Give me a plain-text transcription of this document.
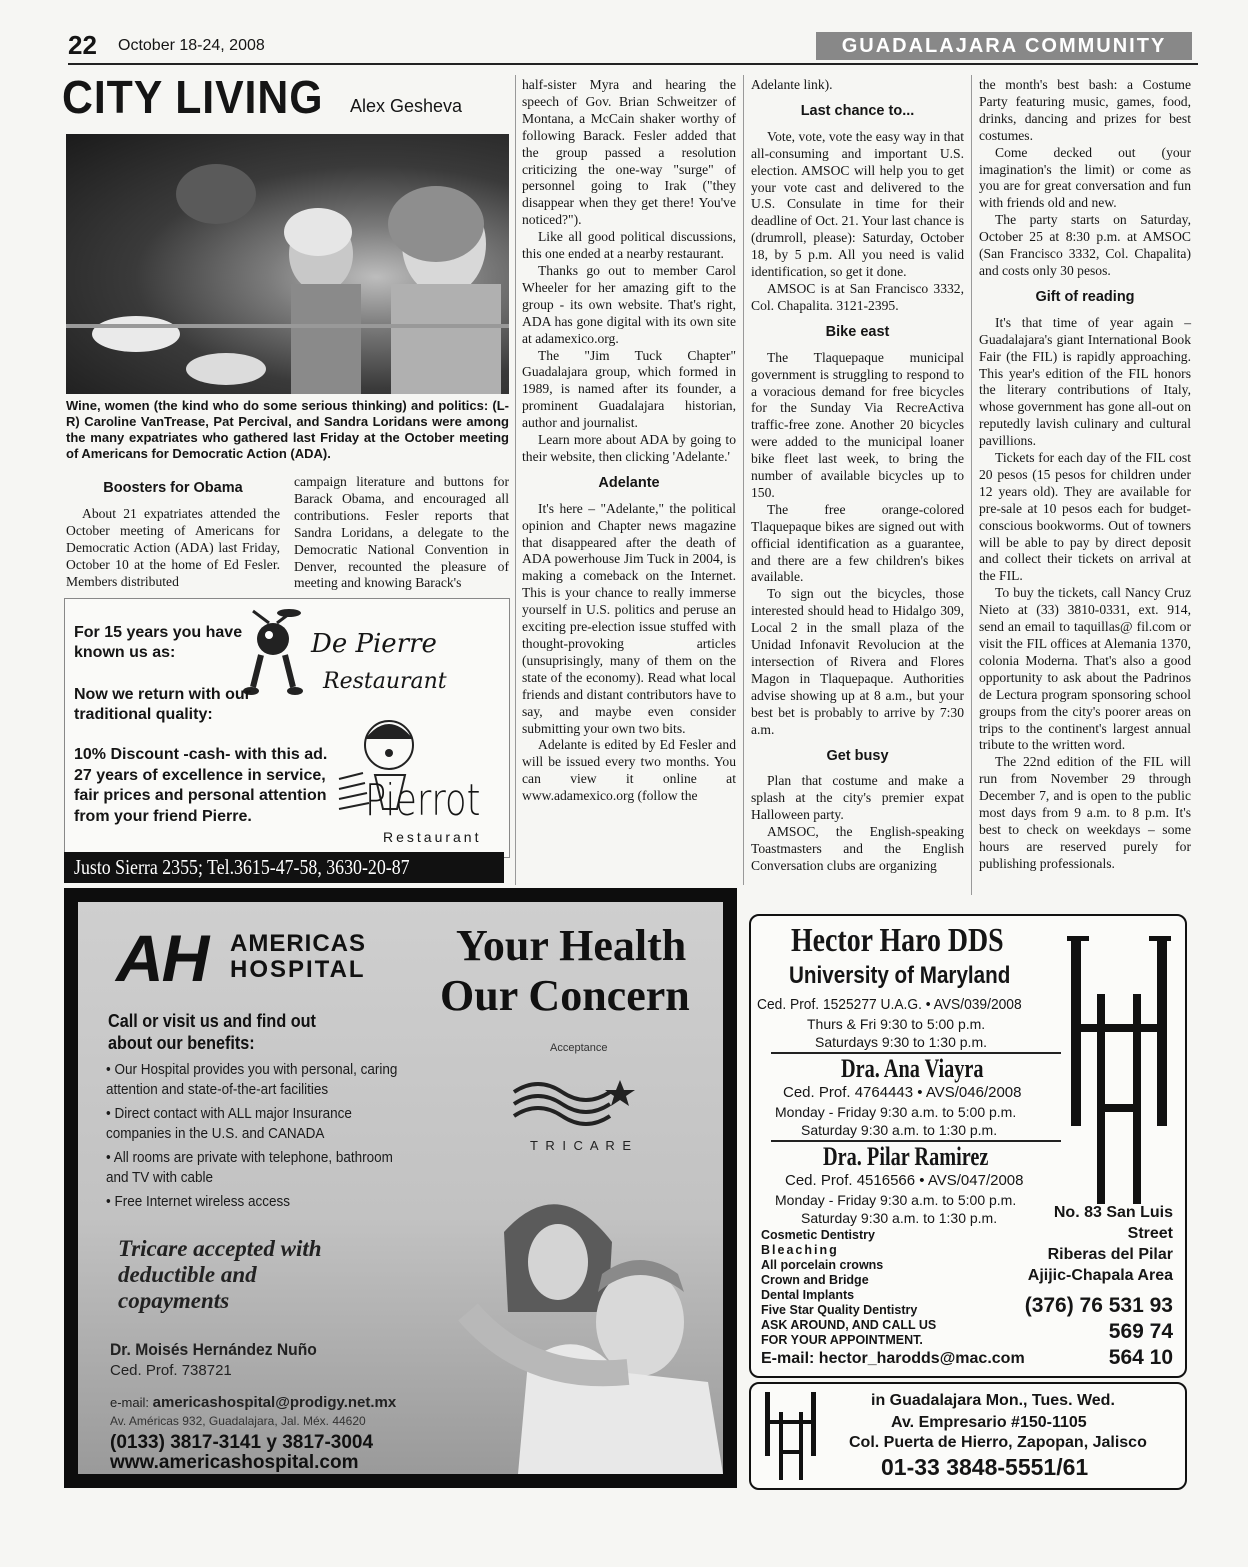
22 October 18-24, 2008	GUADALAJARA COMMUNITY
CITY LIVING Alex Gesheva
Wine, women (the kind who do some serious thinking) and politics: (L-R) Caroline VanTrease, Pat Percival, and Sandra Loridans were among the many expatriates who gathered last Friday at the October meeting of Americans for Democratic Action (ADA).
Boosters for Obama

About 21 expatriates attended the October meeting of Americans for Democratic Action (ADA) last Friday, October 10 at the home of Ed Fesler. Members distributed

campaign literature and buttons for Barack Obama, and encouraged all contributions. Fesler reports that Sandra Loridans, a delegate to the Democratic National Convention in Denver, recounted the pleasure of meeting and knowing Barack's

For 15 years you have known us as:	De Pierre
Restaurant
Now we return with our traditional quality:
10% Discount -cash- with this ad. 27 years of excellence in service, fair prices and personal attention from your friend Pierre.	Pierrot
Restaurant
Justo Sierra 2355; Tel.3615-47-58, 3630-20-87

half-sister Myra and hearing the speech of Gov. Brian Schweitzer of Montana, a McCain shaker worthy of following Barack. Fesler added that the group passed a resolution criticizing the one-way "surge" of personnel going to Irak ("they disappear when they get there! You've noticed?").

Like all good political discussions, this one ended at a nearby restaurant.

Thanks go out to member Carol Wheeler for her amazing gift to the group - its own website. That's right, ADA has gone digital with its own site at adamexico.org.

The "Jim Tuck Chapter" Guadalajara group, which formed in 1989, is named after its founder, a prominent Guadalajara historian, author and journalist.

Learn more about ADA by going to their website, then clicking 'Adelante.'

Adelante

It's here – "Adelante," the political opinion and Chapter news magazine that disappeared after the death of ADA powerhouse Jim Tuck in 2004, is making a comeback on the Internet. This is your chance to really immerse yourself in U.S. politics and peruse an exciting pre-election issue stuffed with thought-provoking articles (unsuprisingly, many of them on the state of the economy). Read what local friends and distant contributors have to say, and maybe even consider submitting your own two bits.

Adelante is edited by Ed Fesler and will be issued every two months. You can view it online at www.adamexico.org (follow the

Adelante link).

Last chance to...

Vote, vote, vote the easy way in that all-consuming and important U.S. election. AMSOC will help you to get your vote cast and delivered to the U.S. Consulate in time for their deadline of Oct. 21. Your last chance is (drumroll, please): Saturday, October 18, by 5 p.m. All you need is valid identification, so get it done.

AMSOC is at San Francisco 3332, Col. Chapalita. 3121-2395.

Bike east

The Tlaquepaque municipal government is struggling to respond to a voracious demand for free bicycles for the Sunday Via RecreActiva traffic-free zone. Another 20 bicycles were added to the municipal loaner bike fleet last week, to bring the number of available bicycles up to 150.

The free orange-colored Tlaquepaque bikes are signed out with official identification as a guarantee, and there are a few children's bikes available.

To sign out the bicycles, those interested should head to Hidalgo 309, Local 2 in the small plaza of the Unidad Infonavit Revolucion at the intersection of Rivera and Flores Magon in Tlaquepaque. Authorities advise showing up at 8 a.m., but your best bet is probably to arrive by 7:30 a.m.

Get busy

Plan that costume and make a splash at the city's premier expat Halloween party.

AMSOC, the English-speaking Toastmasters and the English Conversation clubs are organizing

the month's best bash: a Costume Party featuring music, games, food, drinks, dancing and prizes for best costumes.

Come decked out (your imagination's the limit) or come as you are for great conversation and fun with friends old and new.

The party starts on Saturday, October 25 at 8:30 p.m. at AMSOC (San Francisco 3332, Col. Chapalita) and costs only 30 pesos.

Gift of reading

It's that time of year again – Guadalajara's giant International Book Fair (the FIL) is rapidly approaching. This year's edition of the FIL honors the literary contributions of Italy, whose government has gone all-out on reputedly lavish culinary and cultural pavillions.

Tickets for each day of the FIL cost 20 pesos (15 pesos for children under 12 years old). They are available for pre-sale at 10 pesos each for budget-conscious bookworms. Out of towners will be able to pay by direct deposit and collect their tickets on arrival at the FIL.

To buy the tickets, call Nancy Cruz Nieto at (33) 3810-0331, ext. 914, send an email to taquillas@ fil.com or visit the FIL offices at Alemania 1370, colonia Moderna. That's also a good opportunity to ask about the Padrinos de Lectura program sponsoring school groups from the city's poorer areas on trips to the continent's largest annual tribute to the written word.

The 22nd edition of the FIL will run from November 29 through December 7, and is open to the public most days from 9 a.m. to 8 p.m. It's best to check on weekdays – some hours are reserved purely for publishing professionals.

AH AMERICAS
HOSPITAL Your Health
Our Concern
Call or visit us and find out about our benefits:
• Our Hospital provides you with personal, caring attention and state-of-the-art facilities
• Direct contact with ALL major Insurance companies in the U.S. and CANADA
• All rooms are private with telephone, bathroom and TV with cable
• Free Internet wireless access
Acceptance
T R I C A R E
Tricare accepted with deductible and copayments
Dr. Moisés Hernández Nuño
Ced. Prof. 738721
e-mail: americashospital@prodigy.net.mx
Av. Américas 932, Guadalajara, Jal. Méx. 44620
(0133) 3817-3141 y 3817-3004
www.americashospital.com
Hector Haro DDS
University of Maryland
Ced. Prof. 1525277 U.A.G. • AVS/039/2008
Thurs & Fri 9:30 to 5:00 p.m.
Saturdays 9:30 to 1:30 p.m.
Dra. Ana Viayra
Ced. Prof. 4764443 • AVS/046/2008
Monday - Friday 9:30 a.m. to 5:00 p.m.
Saturday 9:30 a.m. to 1:30 p.m.
Dra. Pilar Ramirez
Ced. Prof. 4516566 • AVS/047/2008
Monday - Friday 9:30 a.m. to 5:00 p.m.
Saturday 9:30 a.m. to 1:30 p.m.
Cosmetic Dentistry
Bleaching
All porcelain crowns
Crown and Bridge
Dental Implants
Five Star Quality Dentistry
ASK AROUND, AND CALL US
FOR YOUR APPOINTMENT.
No. 83 San Luis
Street
Riberas del Pilar
Ajijic-Chapala Area
(376) 76 531 93
569 74
564 10
E-mail: hector_harodds@mac.com
in Guadalajara Mon., Tues. Wed.
Av. Empresario #150-1105
Col. Puerta de Hierro, Zapopan, Jalisco
01-33 3848-5551/61
